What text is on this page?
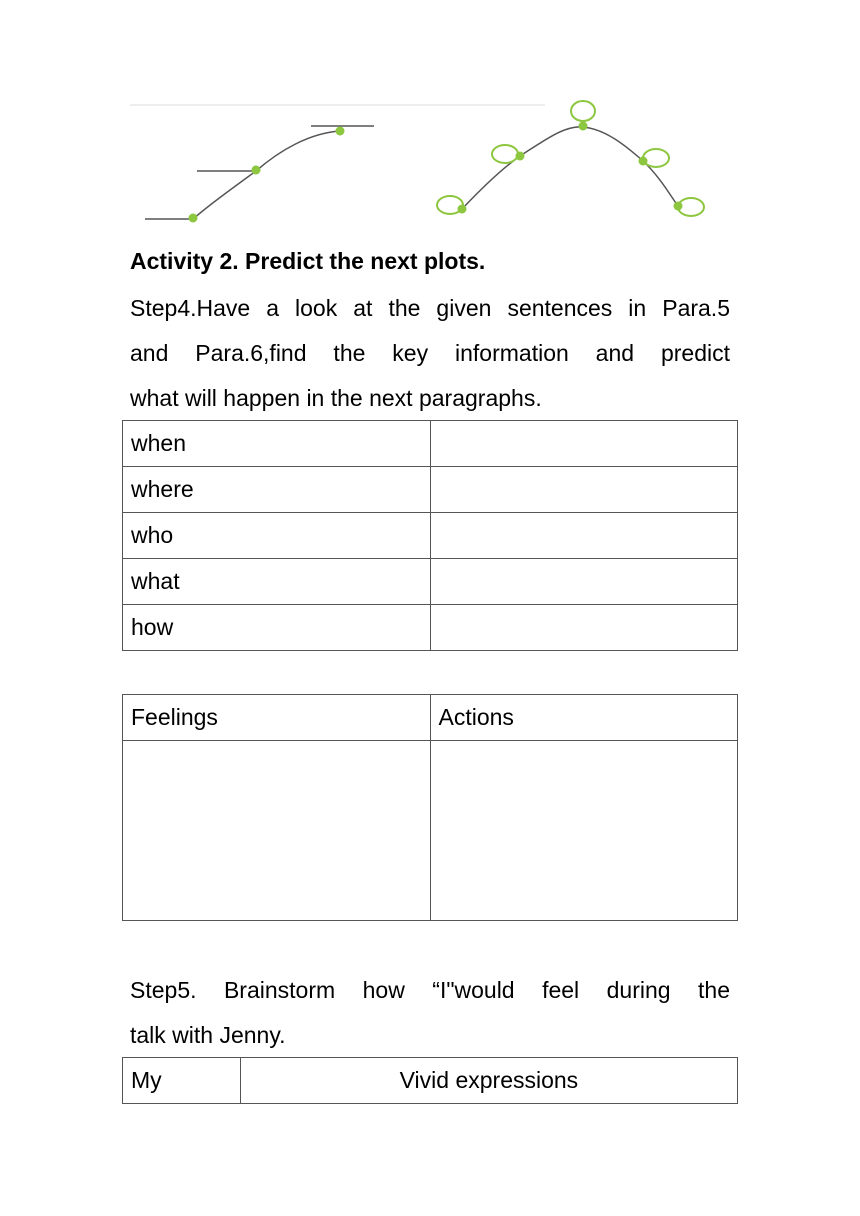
Activity 2. Predict the next plots.
Step4.Have a look at the given sentences in Para.5
and Para.6,find the key information and predict
what will happen in the next paragraphs.
when	
where	
who	
what	
how	
Feelings	Actions

Step5. Brainstorm how “I"would feel during the
talk with Jenny.
My	Vivid expressions
